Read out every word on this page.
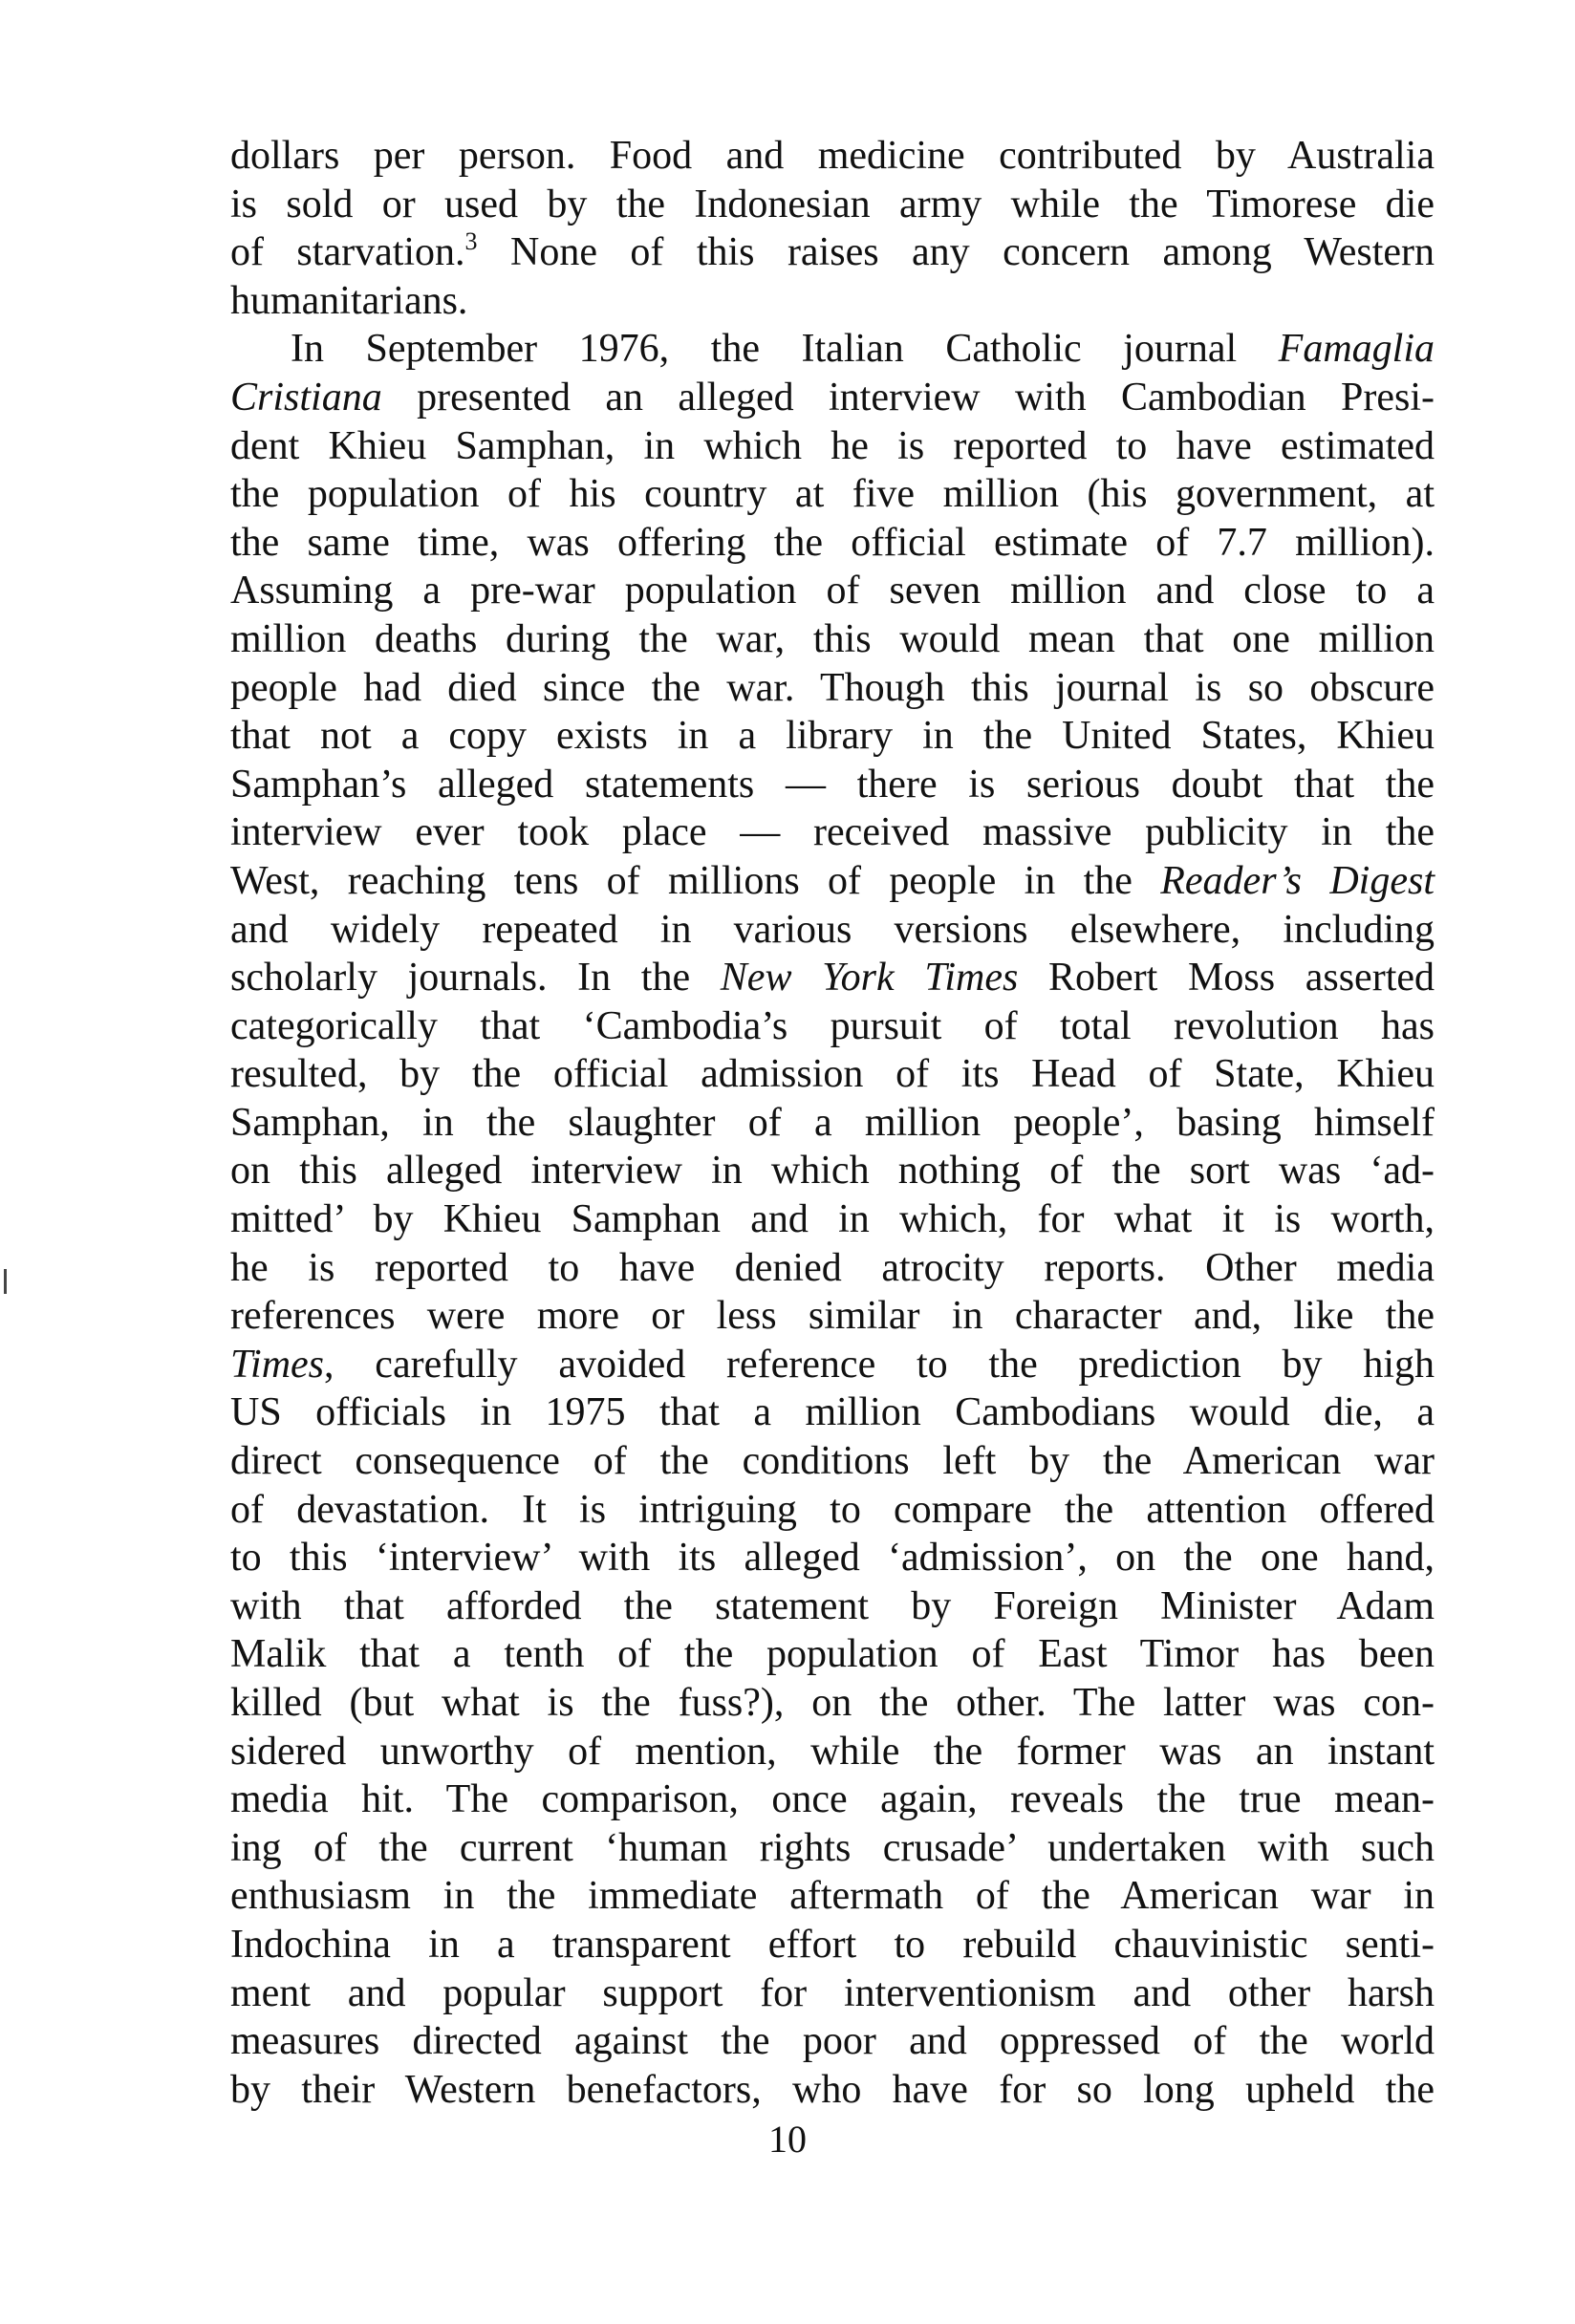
dollars per person. Food and medicine contributed by Australia
is sold or used by the Indonesian army while the Timorese die
of starvation.$^3$ None of this raises any concern among Western
humanitarians.
In September 1976, the Italian Catholic journal Famaglia
Cristiana presented an alleged interview with Cambodian Presi-
dent Khieu Samphan, in which he is reported to have estimated
the population of his country at five million (his government, at
the same time, was offering the official estimate of 7.7 million).
Assuming a pre-war population of seven million and close to a
million deaths during the war, this would mean that one million
people had died since the war. Though this journal is so obscure
that not a copy exists in a library in the United States, Khieu
Samphan’s alleged statements — there is serious doubt that the
interview ever took place — received massive publicity in the
West, reaching tens of millions of people in the Reader’s Digest
and widely repeated in various versions elsewhere, including
scholarly journals. In the New York Times Robert Moss asserted
categorically that ‘Cambodia’s pursuit of total revolution has
resulted, by the official admission of its Head of State, Khieu
Samphan, in the slaughter of a million people’, basing himself
on this alleged interview in which nothing of the sort was ‘ad-
mitted’ by Khieu Samphan and in which, for what it is worth,
he is reported to have denied atrocity reports. Other media
references were more or less similar in character and, like the
Times, carefully avoided reference to the prediction by high
US officials in 1975 that a million Cambodians would die, a
direct consequence of the conditions left by the American war
of devastation. It is intriguing to compare the attention offered
to this ‘interview’ with its alleged ‘admission’, on the one hand,
with that afforded the statement by Foreign Minister Adam
Malik that a tenth of the population of East Timor has been
killed (but what is the fuss?), on the other. The latter was con-
sidered unworthy of mention, while the former was an instant
media hit. The comparison, once again, reveals the true mean-
ing of the current ‘human rights crusade’ undertaken with such
enthusiasm in the immediate aftermath of the American war in
Indochina in a transparent effort to rebuild chauvinistic senti-
ment and popular support for interventionism and other harsh
measures directed against the poor and oppressed of the world
by their Western benefactors, who have for so long upheld the
10
